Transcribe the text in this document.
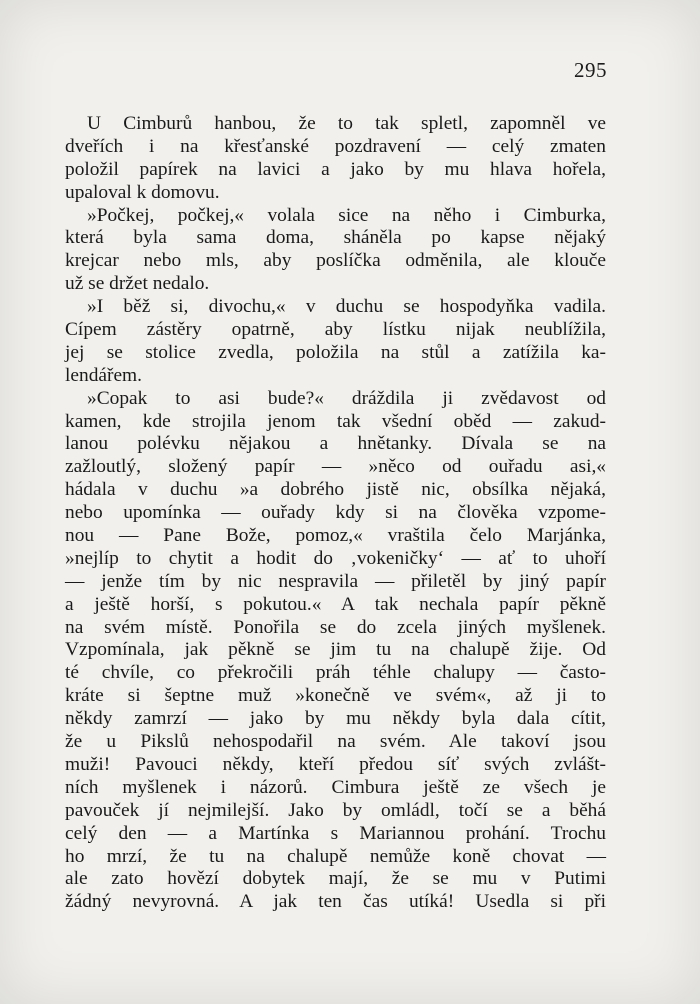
295
U Cimburů hanbou, že to tak spletl, zapomněl ve
dveřích i na křesťanské pozdravení — celý zmaten
položil papírek na lavici a jako by mu hlava hořela,
upaloval k domovu.
»Počkej, počkej,« volala sice na něho i Cimburka,
která byla sama doma, sháněla po kapse nějaký
krejcar nebo mls, aby poslíčka odměnila, ale klouče
už se držet nedalo.
»I běž si, divochu,« v duchu se hospodyňka vadila.
Cípem zástěry opatrně, aby lístku nijak neublížila,
jej se stolice zvedla, položila na stůl a zatížila ka-
lendářem.
»Copak to asi bude?« dráždila ji zvědavost od
kamen, kde strojila jenom tak všední oběd — zakud-
lanou polévku nějakou a hnětanky. Dívala se na
zažloutlý, složený papír — »něco od ouřadu asi,«
hádala v duchu »a dobrého jistě nic, obsílka nějaká,
nebo upomínka — ouřady kdy si na člověka vzpome-
nou — Pane Bože, pomoz,« vraštila čelo Marjánka,
»nejlíp to chytit a hodit do ‚vokeničky‘ — ať to uhoří
— jenže tím by nic nespravila — přiletěl by jiný papír
a ještě horší, s pokutou.« A tak nechala papír pěkně
na svém místě. Ponořila se do zcela jiných myšlenek.
Vzpomínala, jak pěkně se jim tu na chalupě žije. Od
té chvíle, co překročili práh téhle chalupy — často-
kráte si šeptne muž »konečně ve svém«, až ji to
někdy zamrzí — jako by mu někdy byla dala cítit,
že u Pikslů nehospodařil na svém. Ale takoví jsou
muži! Pavouci někdy, kteří předou síť svých zvlášt-
ních myšlenek i názorů. Cimbura ještě ze všech je
pavouček jí nejmilejší. Jako by omládl, točí se a běhá
celý den — a Martínka s Mariannou prohání. Trochu
ho mrzí, že tu na chalupě nemůže koně chovat —
ale zato hovězí dobytek mají, že se mu v Putimi
žádný nevyrovná. A jak ten čas utíká! Usedla si při
